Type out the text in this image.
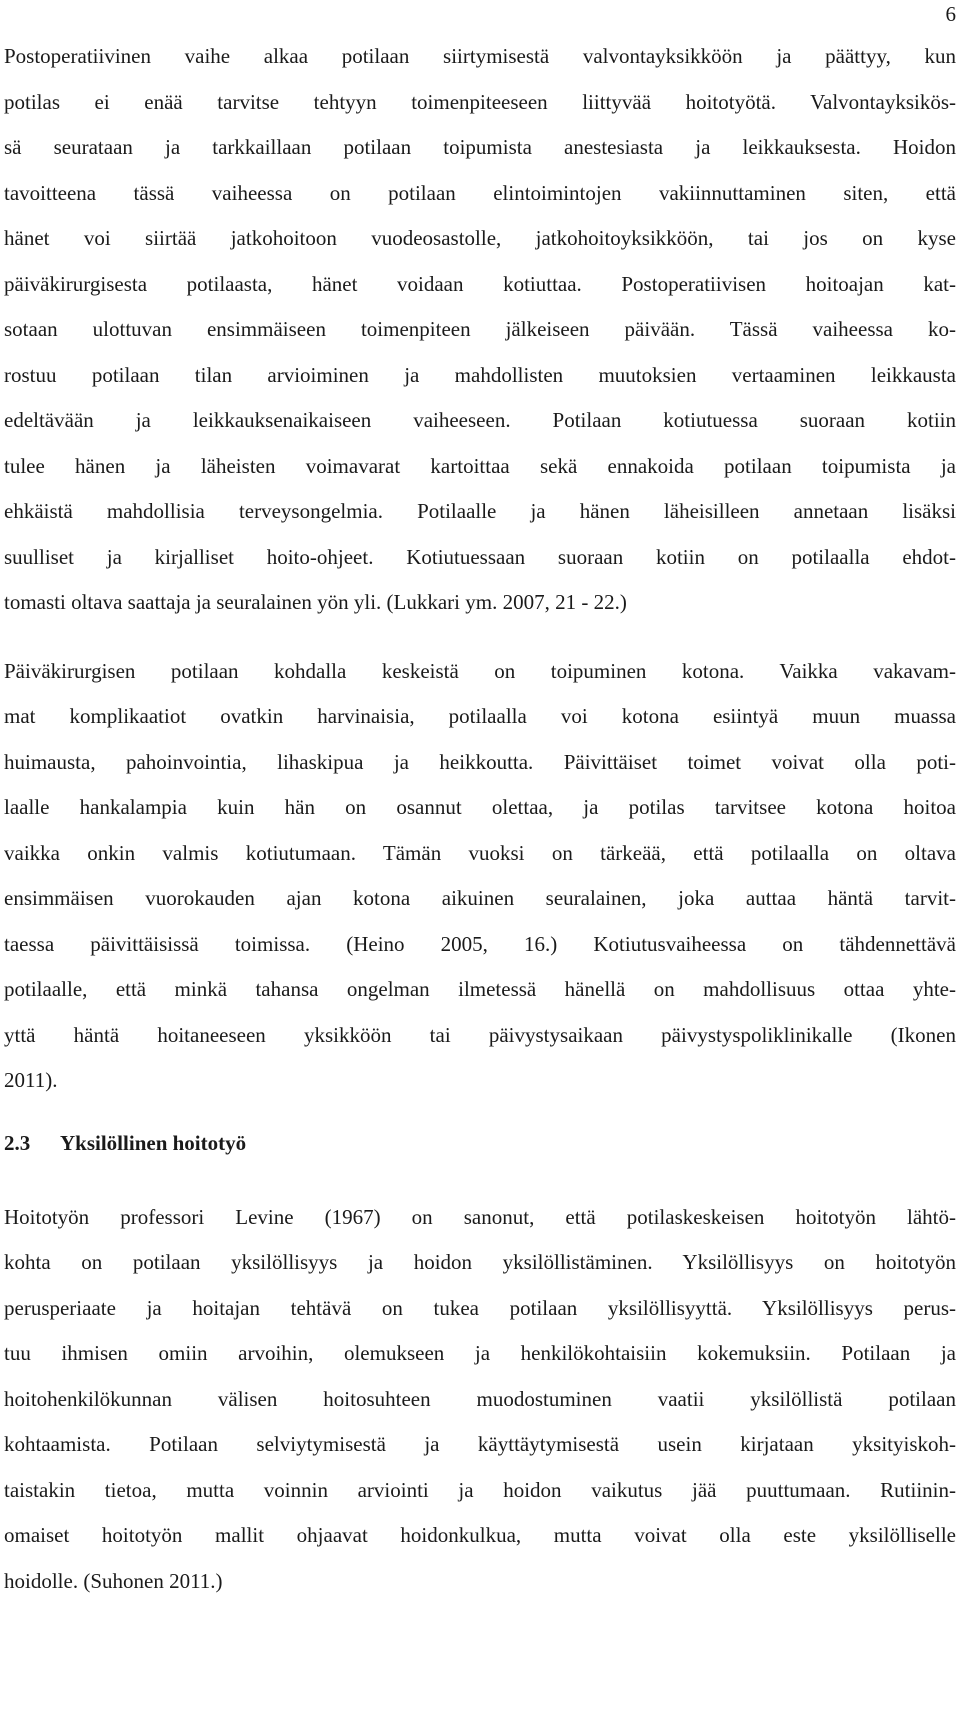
6
Postoperatiivinen vaihe alkaa potilaan siirtymisestä valvontayksikköön ja päättyy, kun
potilas ei enää tarvitse tehtyyn toimenpiteeseen liittyvää hoitotyötä. Valvontayksikös-
sä seurataan ja tarkkaillaan potilaan toipumista anestesiasta ja leikkauksesta. Hoidon
tavoitteena tässä vaiheessa on potilaan elintoimintojen vakiinnuttaminen siten, että
hänet voi siirtää jatkohoitoon vuodeosastolle, jatkohoitoyksikköön, tai jos on kyse
päiväkirurgisesta potilaasta, hänet voidaan kotiuttaa. Postoperatiivisen hoitoajan kat-
sotaan ulottuvan ensimmäiseen toimenpiteen jälkeiseen päivään. Tässä vaiheessa ko-
rostuu potilaan tilan arvioiminen ja mahdollisten muutoksien vertaaminen leikkausta
edeltävään ja leikkauksenaikaiseen vaiheeseen. Potilaan kotiutuessa suoraan kotiin
tulee hänen ja läheisten voimavarat kartoittaa sekä ennakoida potilaan toipumista ja
ehkäistä mahdollisia terveysongelmia. Potilaalle ja hänen läheisilleen annetaan lisäksi
suulliset ja kirjalliset hoito-ohjeet. Kotiutuessaan suoraan kotiin on potilaalla ehdot-
tomasti oltava saattaja ja seuralainen yön yli. (Lukkari ym. 2007, 21 - 22.)
Päiväkirurgisen potilaan kohdalla keskeistä on toipuminen kotona. Vaikka vakavam-
mat komplikaatiot ovatkin harvinaisia, potilaalla voi kotona esiintyä muun muassa
huimausta, pahoinvointia, lihaskipua ja heikkoutta. Päivittäiset toimet voivat olla poti-
laalle hankalampia kuin hän on osannut olettaa, ja potilas tarvitsee kotona hoitoa
vaikka onkin valmis kotiutumaan. Tämän vuoksi on tärkeää, että potilaalla on oltava
ensimmäisen vuorokauden ajan kotona aikuinen seuralainen, joka auttaa häntä tarvit-
taessa päivittäisissä toimissa. (Heino 2005, 16.) Kotiutusvaiheessa on tähdennettävä
potilaalle, että minkä tahansa ongelman ilmetessä hänellä on mahdollisuus ottaa yhte-
yttä häntä hoitaneeseen yksikköön tai päivystysaikaan päivystyspoliklinikalle (Ikonen
2011).
2.3 Yksilöllinen hoitotyö
Hoitotyön professori Levine (1967) on sanonut, että potilaskeskeisen hoitotyön lähtö-
kohta on potilaan yksilöllisyys ja hoidon yksilöllistäminen. Yksilöllisyys on hoitotyön
perusperiaate ja hoitajan tehtävä on tukea potilaan yksilöllisyyttä. Yksilöllisyys perus-
tuu ihmisen omiin arvoihin, olemukseen ja henkilökohtaisiin kokemuksiin. Potilaan ja
hoitohenkilökunnan välisen hoitosuhteen muodostuminen vaatii yksilöllistä potilaan
kohtaamista. Potilaan selviytymisestä ja käyttäytymisestä usein kirjataan yksityiskoh-
taistakin tietoa, mutta voinnin arviointi ja hoidon vaikutus jää puuttumaan. Rutiinin-
omaiset hoitotyön mallit ohjaavat hoidonkulkua, mutta voivat olla este yksilölliselle
hoidolle. (Suhonen 2011.)
